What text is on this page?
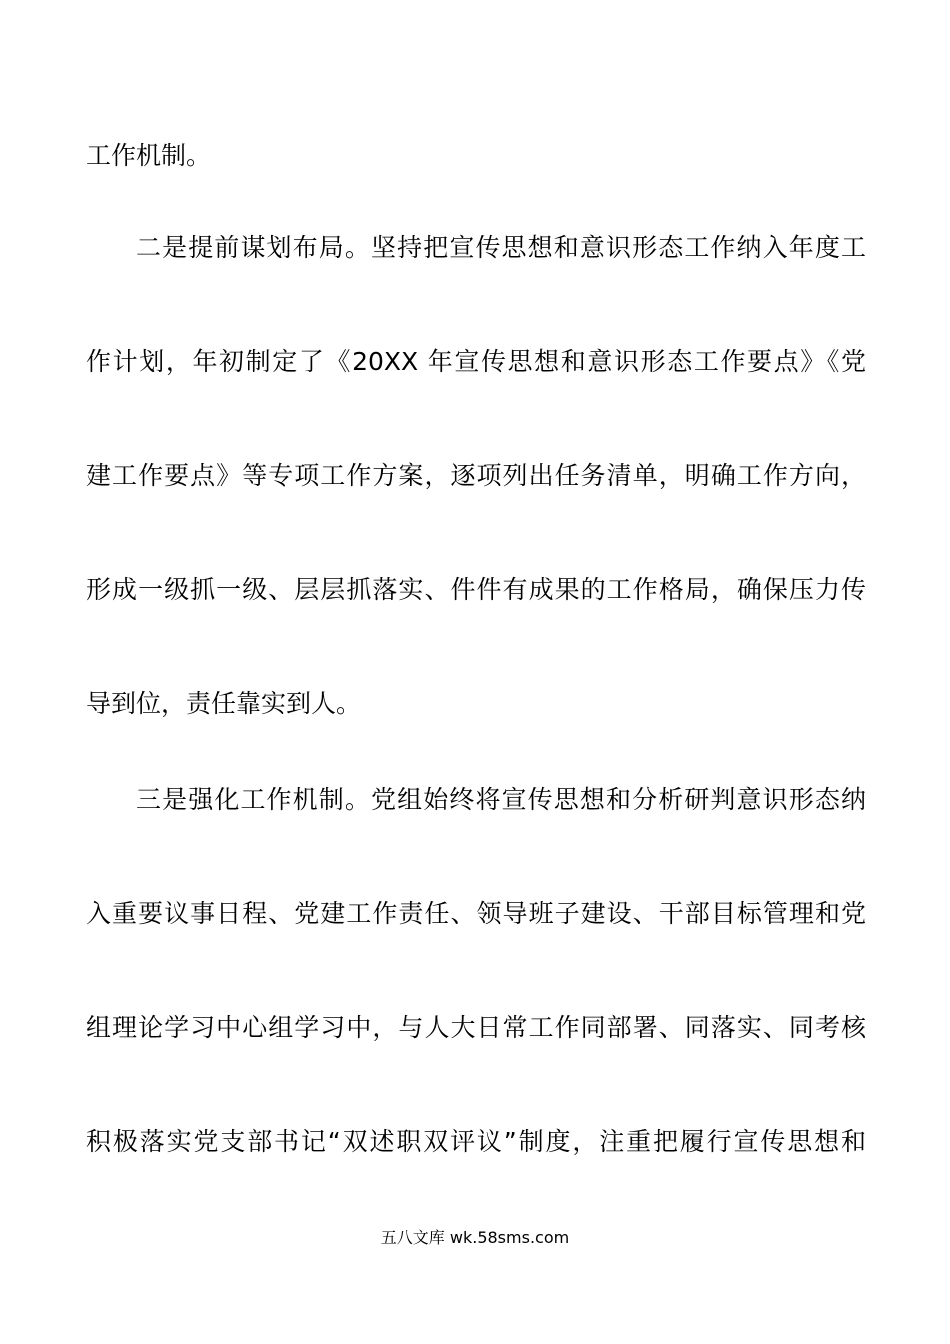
工作机制。
二是提前谋划布局。坚持把宣传思想和意识形态工作纳入年度工
作计划，年初制定了《20XX 年宣传思想和意识形态工作要点》《党
建工作要点》等专项工作方案，逐项列出任务清单，明确工作方向，
形成一级抓一级、层层抓落实、件件有成果的工作格局，确保压力传
导到位，责任靠实到人。
三是强化工作机制。党组始终将宣传思想和分析研判意识形态纳
入重要议事日程、党建工作责任、领导班子建设、干部目标管理和党
组理论学习中心组学习中，与人大日常工作同部署、同落实、同考核
积极落实党支部书记“双述职双评议”制度，注重把履行宣传思想和
五八文库 wk.58sms.com
